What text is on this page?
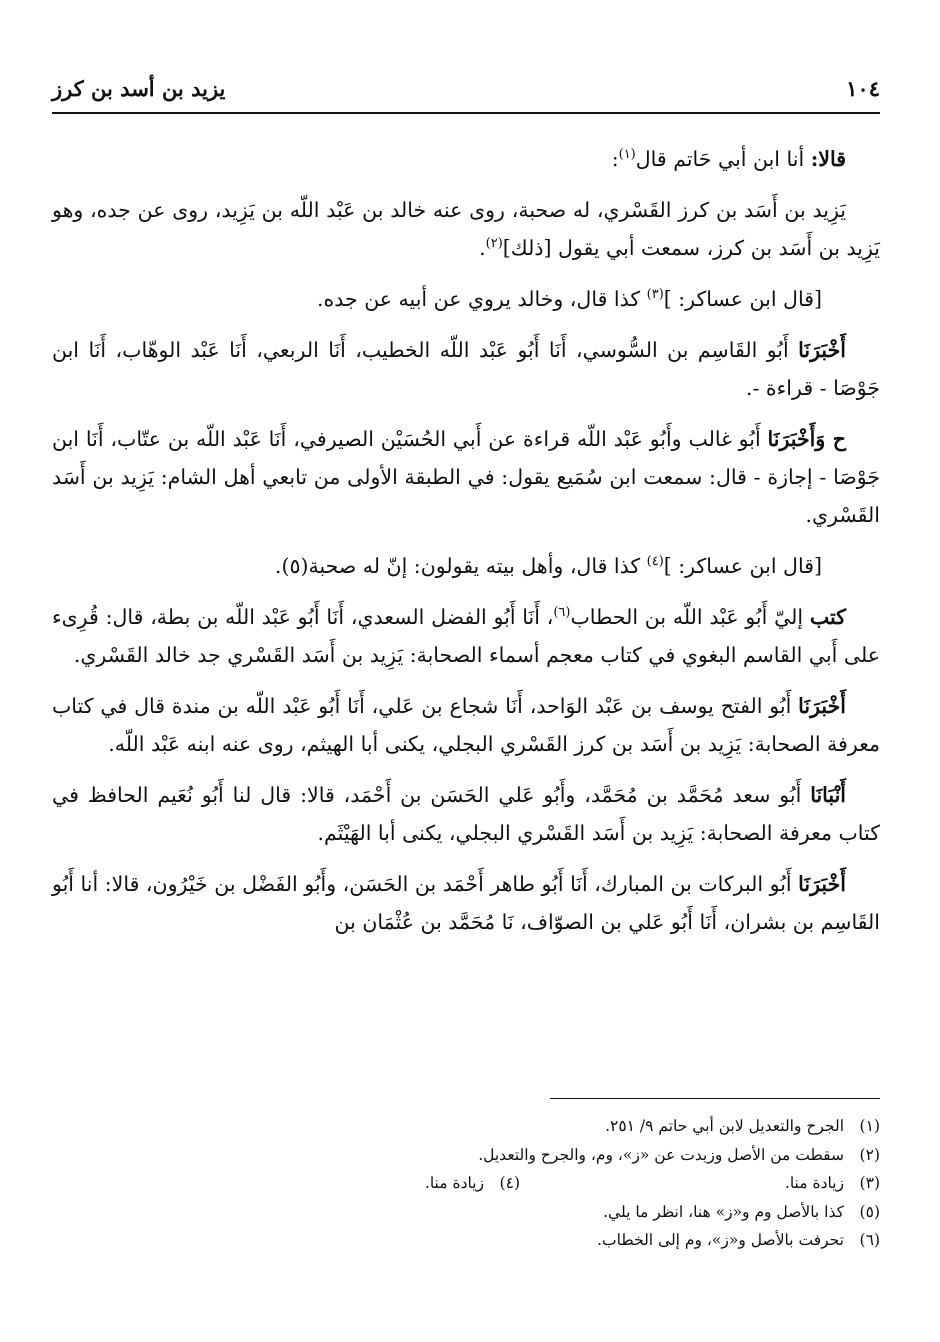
١٠٤
يزيد بن أسد بن كرز

قالا: أنا ابن أبي حَاتم قال$^{(١)}$:

يَزِيد بن أَسَد بن كرز القَسْري، له صحبة، روى عنه خالد بن عَبْد اللّه بن يَزِيد، روى عن جده، وهو يَزِيد بن أَسَد بن كرز، سمعت أبي يقول [ذلك]$^{(٢)}$.

[قال ابن عساكر: ]$^{(٣)}$ كذا قال، وخالد يروي عن أبيه عن جده.

أَخْبَرَنَا أَبُو القَاسِم بن السُّوسي، أَنَا أَبُو عَبْد اللّه الخطيب، أَنَا الربعي، أَنَا عَبْد الوهّاب، أَنَا ابن جَوْصَا - قراءة -.

ح وَأَخْبَرَنَا أَبُو غالب وأَبُو عَبْد اللّه قراءة عن أَبي الحُسَيْن الصيرفي، أَنَا عَبْد اللّه بن عتّاب، أَنَا ابن جَوْصَا - إجازة - قال: سمعت ابن سُمَيع يقول: في الطبقة الأولى من تابعي أهل الشام: يَزِيد بن أَسَد القَسْري.

[قال ابن عساكر: ]$^{(٤)}$ كذا قال، وأهل بيته يقولون: إنّ له صحبة(٥).

كتب إليّ أَبُو عَبْد اللّه بن الحطاب$^{(٦)}$، أَنَا أَبُو الفضل السعدي، أَنَا أَبُو عَبْد اللّه بن بطة، قال: قُرِىء على أَبي القاسم البغوي في كتاب معجم أسماء الصحابة: يَزِيد بن أَسَد القَسْري جد خالد القَسْري.

أَخْبَرَنَا أَبُو الفتح يوسف بن عَبْد الوَاحد، أَنَا شجاع بن عَلي، أَنَا أَبُو عَبْد اللّه بن مندة قال في كتاب معرفة الصحابة: يَزِيد بن أَسَد بن كرز القَسْري البجلي، يكنى أبا الهيثم، روى عنه ابنه عَبْد اللّه.

أَنْبَانَا أَبُو سعد مُحَمَّد بن مُحَمَّد، وأَبُو عَلي الحَسَن بن أَحْمَد، قالا: قال لنا أَبُو نُعَيم الحافظ في كتاب معرفة الصحابة: يَزِيد بن أَسَد القَسْري البجلي، يكنى أبا الهَيْثَم.

أَخْبَرَنَا أَبُو البركات بن المبارك، أَنَا أَبُو طاهر أَحْمَد بن الحَسَن، وأَبُو الفَضْل بن خَيْرُون، قالا: أنا أَبُو القَاسِم بن بشران، أَنَا أَبُو عَلي بن الصوّاف، نَا مُحَمَّد بن عُثْمَان بن

(١)الجرح والتعديل لابن أبي حاتم ٩/ ٢٥١.
(٢)سقطت من الأصل وزيدت عن «ز»، وم، والجرح والتعديل.
(٣)زيادة منا.
(٤)زيادة منا.
(٥)كذا بالأصل وم و«ز» هنا، انظر ما يلي.
(٦)تحرفت بالأصل و«ز»، وم إلى الخطاب.
